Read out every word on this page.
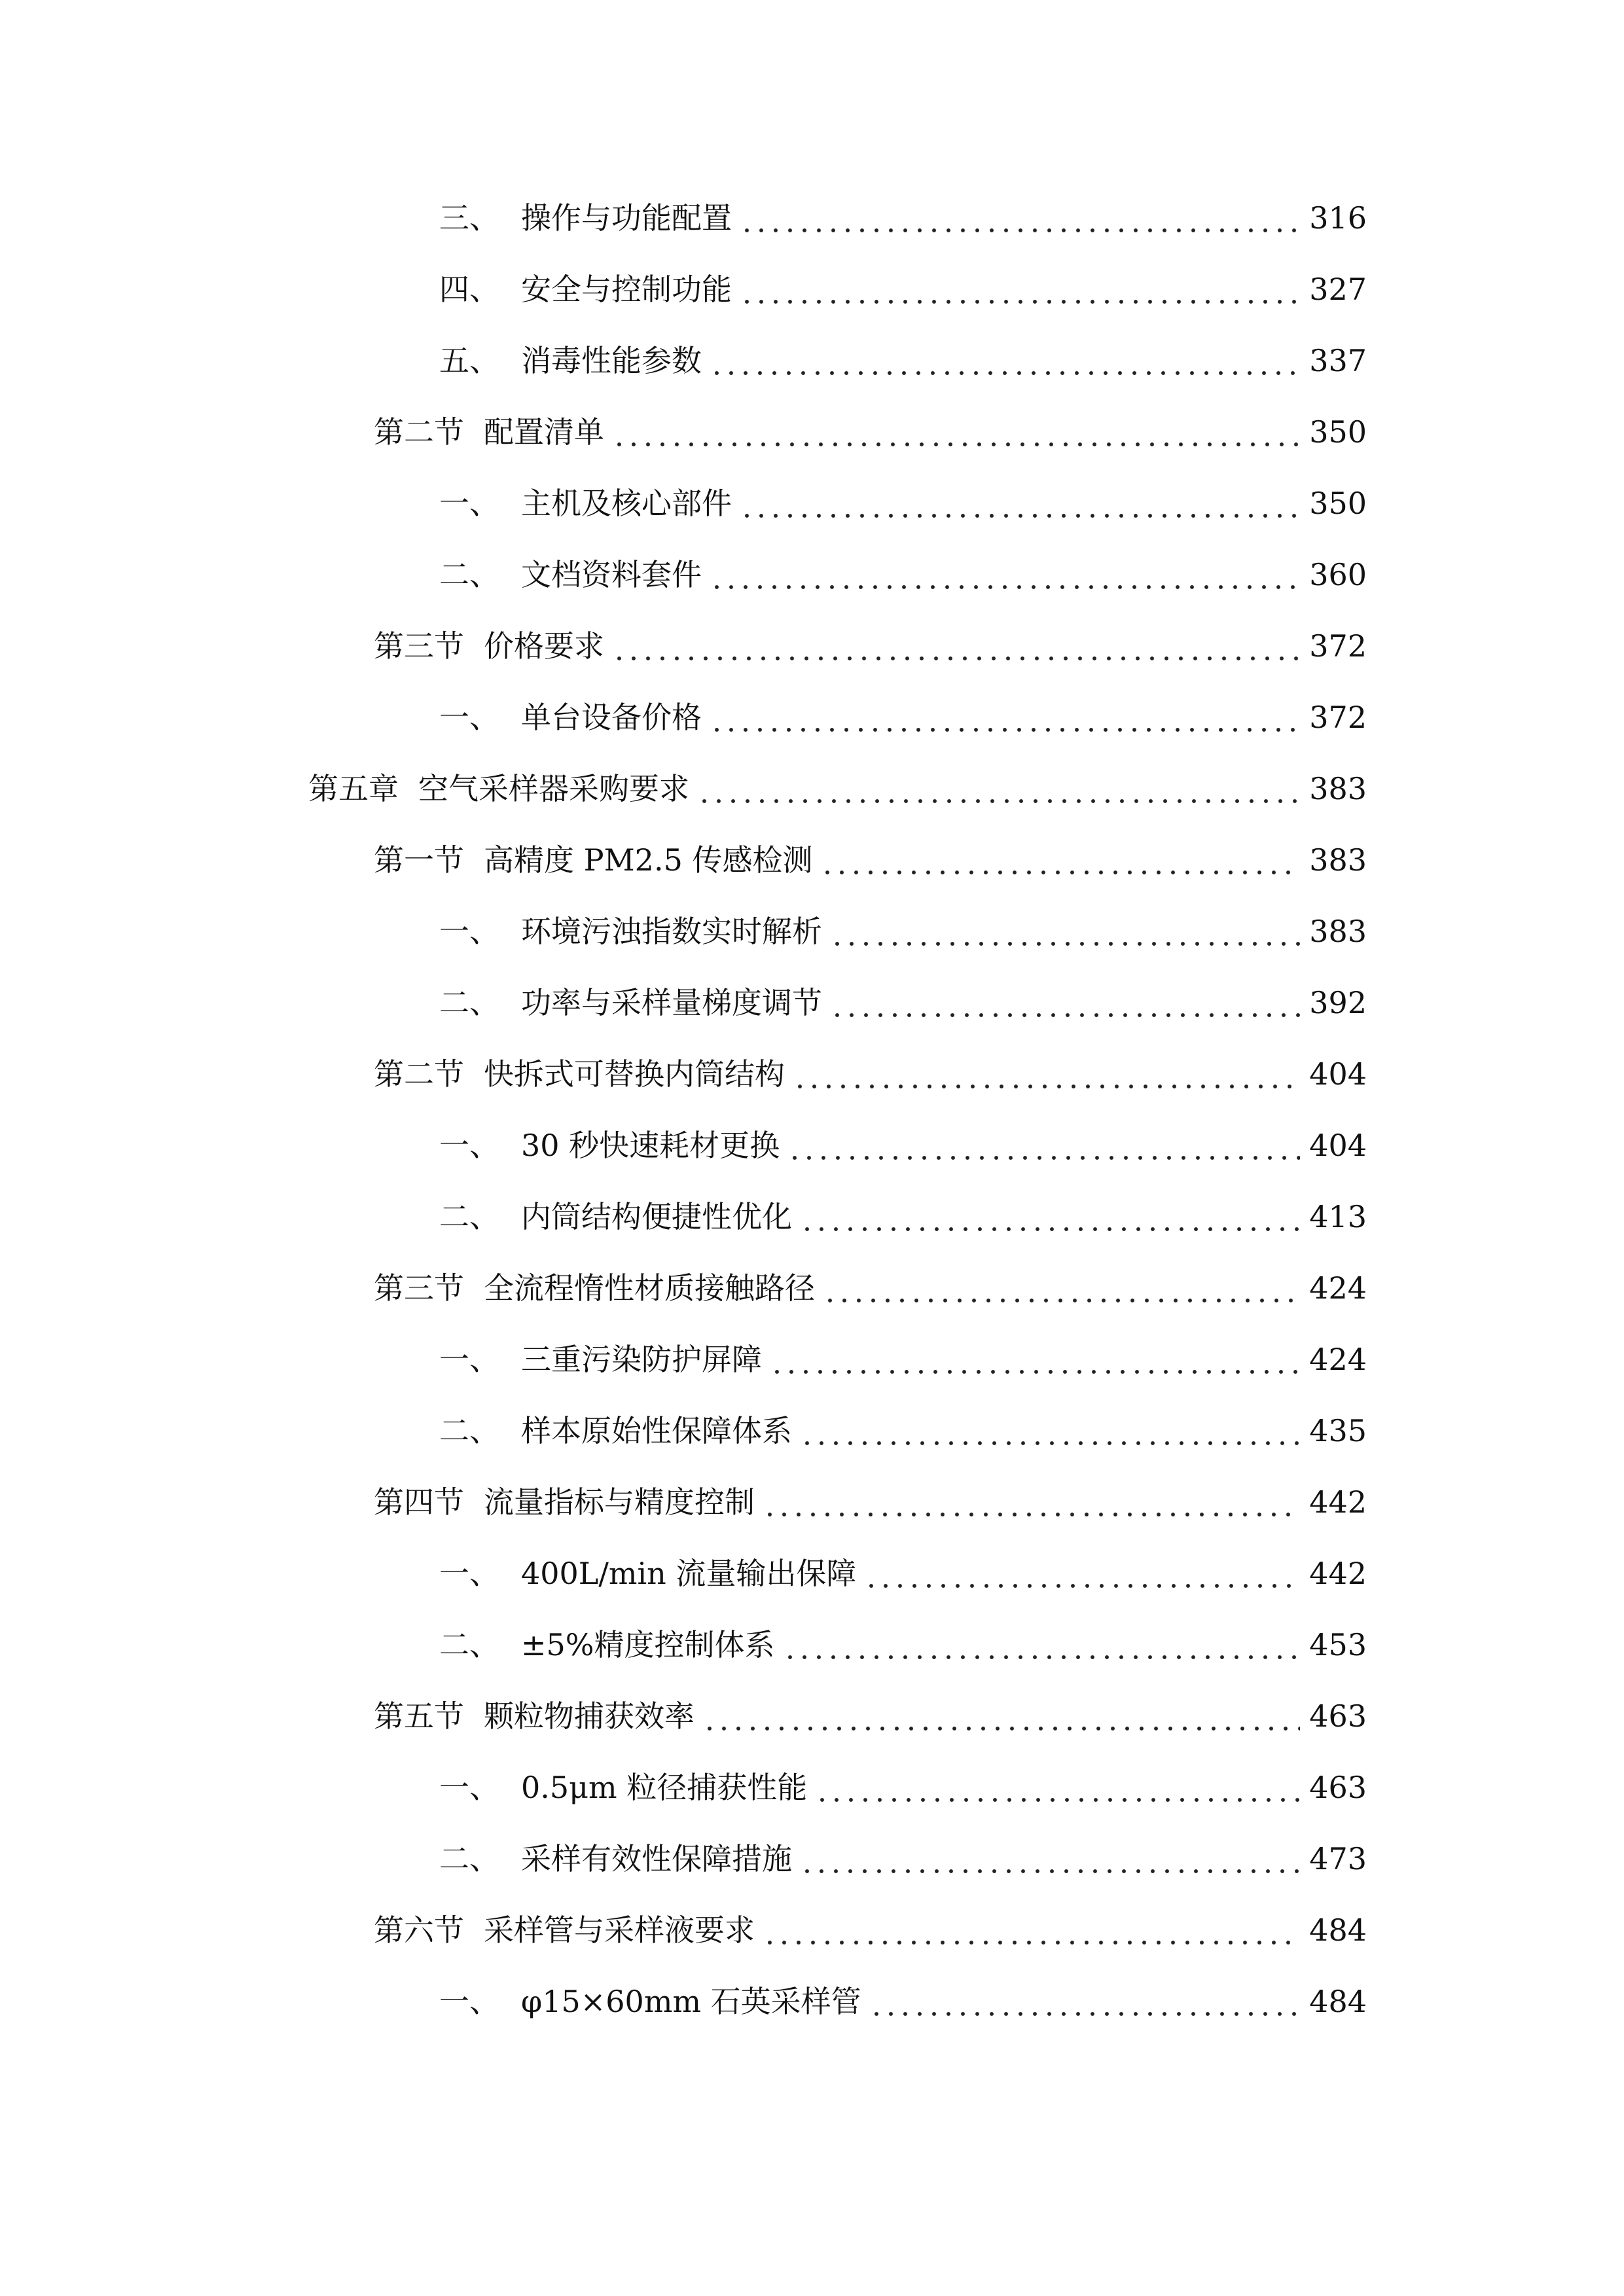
三、 操作与功能配置	316
四、 安全与控制功能	327
五、 消毒性能参数	337
第二节 配置清单	350
一、 主机及核心部件	350
二、 文档资料套件	360
第三节 价格要求	372
一、 单台设备价格	372
第五章 空气采样器采购要求	383
第一节 高精度 PM2.5 传感检测	383
一、 环境污浊指数实时解析	383
二、 功率与采样量梯度调节	392
第二节 快拆式可替换内筒结构	404
一、 30 秒快速耗材更换	404
二、 内筒结构便捷性优化	413
第三节 全流程惰性材质接触路径	424
一、 三重污染防护屏障	424
二、 样本原始性保障体系	435
第四节 流量指标与精度控制	442
一、 400L/min 流量输出保障	442
二、 ±5%精度控制体系	453
第五节 颗粒物捕获效率	463
一、 0.5μm 粒径捕获性能	463
二、 采样有效性保障措施	473
第六节 采样管与采样液要求	484
一、 φ15×60mm 石英采样管	484
